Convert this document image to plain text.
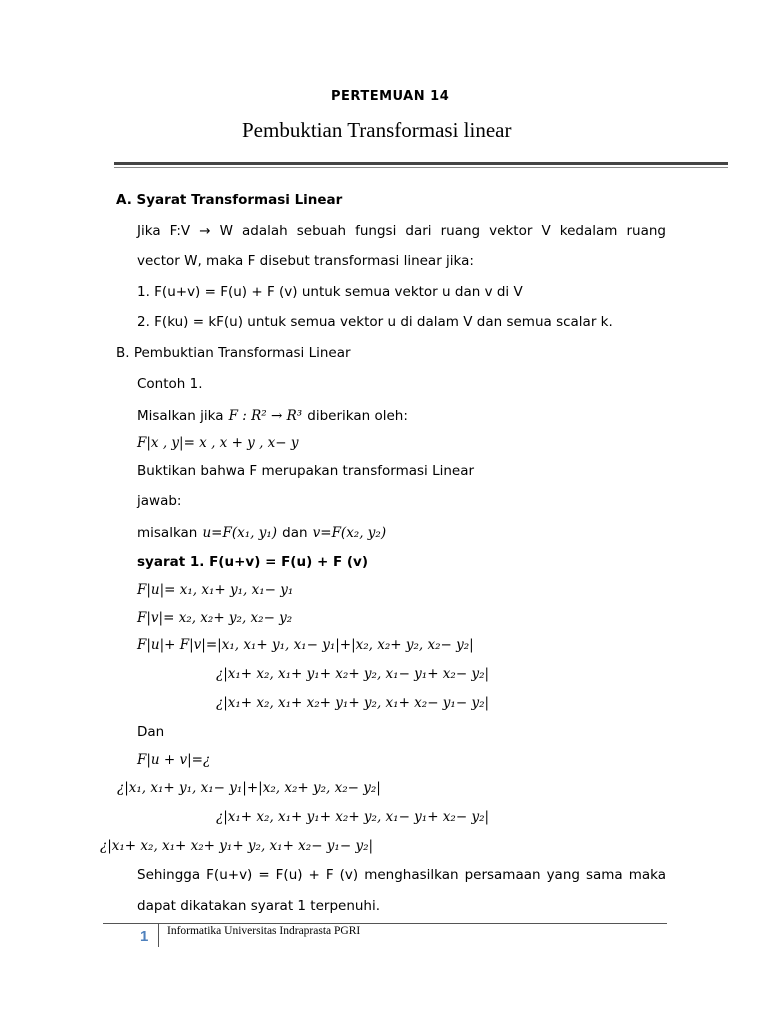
PERTEMUAN 14
Pembuktian Transformasi linear
A. Syarat Transformasi Linear
Jika F:V → W adalah sebuah fungsi dari ruang vektor V kedalam ruang
vector W, maka F disebut transformasi linear jika:
1. F(u+v) = F(u) + F (v) untuk semua vektor u dan v di V
2. F(ku) = kF(u) untuk semua vektor u di dalam V dan semua scalar k.
B. Pembuktian Transformasi Linear
Contoh 1.
Misalkan jika F : R² → R³ diberikan oleh:
F|x , y|= x , x + y , x− y
Buktikan bahwa F merupakan transformasi Linear
jawab:
misalkan u=F(x₁, y₁) dan v=F(x₂, y₂)
syarat 1. F(u+v) = F(u) + F (v)
F|u|= x₁, x₁+ y₁, x₁− y₁
F|v|= x₂, x₂+ y₂, x₂− y₂
F|u|+ F|v|=|x₁, x₁+ y₁, x₁− y₁|+|x₂, x₂+ y₂, x₂− y₂|
¿|x₁+ x₂, x₁+ y₁+ x₂+ y₂, x₁− y₁+ x₂− y₂|
¿|x₁+ x₂, x₁+ x₂+ y₁+ y₂, x₁+ x₂− y₁− y₂|
Dan
F|u + v|=¿
¿|x₁, x₁+ y₁, x₁− y₁|+|x₂, x₂+ y₂, x₂− y₂|
¿|x₁+ x₂, x₁+ y₁+ x₂+ y₂, x₁− y₁+ x₂− y₂|
¿|x₁+ x₂, x₁+ x₂+ y₁+ y₂, x₁+ x₂− y₁− y₂|
Sehingga F(u+v) = F(u) + F (v) menghasilkan persamaan yang sama maka
dapat dikatakan syarat 1 terpenuhi.
1 Informatika Universitas Indraprasta PGRI
